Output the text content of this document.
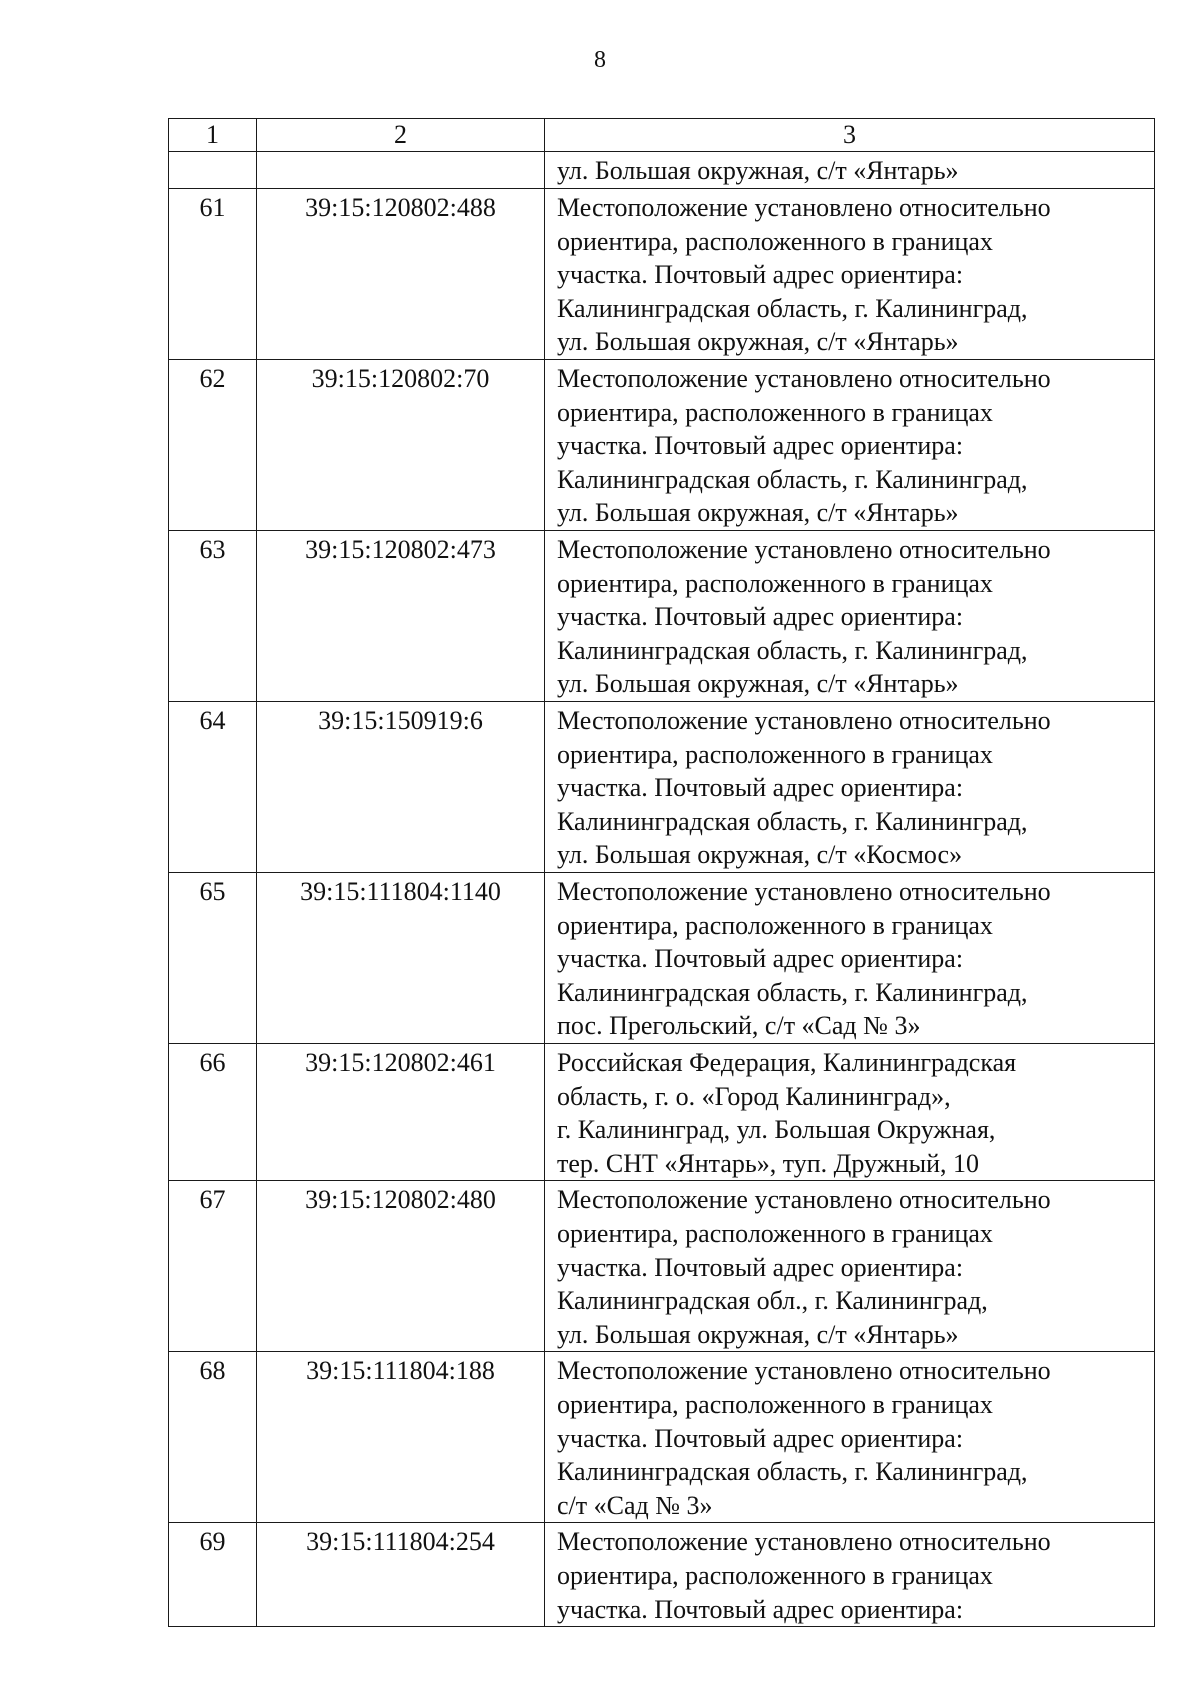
8
1	2	3
		ул. Большая окружная, с/т «Янтарь»
61	39:15:120802:488	Местоположение установлено относительно
ориентира, расположенного в границах
участка. Почтовый адрес ориентира:
Калининградская область, г. Калининград,
ул. Большая окружная, с/т «Янтарь»
62	39:15:120802:70	Местоположение установлено относительно
ориентира, расположенного в границах
участка. Почтовый адрес ориентира:
Калининградская область, г. Калининград,
ул. Большая окружная, с/т «Янтарь»
63	39:15:120802:473	Местоположение установлено относительно
ориентира, расположенного в границах
участка. Почтовый адрес ориентира:
Калининградская область, г. Калининград,
ул. Большая окружная, с/т «Янтарь»
64	39:15:150919:6	Местоположение установлено относительно
ориентира, расположенного в границах
участка. Почтовый адрес ориентира:
Калининградская область, г. Калининград,
ул. Большая окружная, с/т «Космос»
65	39:15:111804:1140	Местоположение установлено относительно
ориентира, расположенного в границах
участка. Почтовый адрес ориентира:
Калининградская область, г. Калининград,
пос. Прегольский, с/т «Сад № 3»
66	39:15:120802:461	Российская Федерация, Калининградская
область, г. о. «Город Калининград»,
г. Калининград, ул. Большая Окружная,
тер. СНТ «Янтарь», туп. Дружный, 10
67	39:15:120802:480	Местоположение установлено относительно
ориентира, расположенного в границах
участка. Почтовый адрес ориентира:
Калининградская обл., г. Калининград,
ул. Большая окружная, с/т «Янтарь»
68	39:15:111804:188	Местоположение установлено относительно
ориентира, расположенного в границах
участка. Почтовый адрес ориентира:
Калининградская область, г. Калининград,
с/т «Сад № 3»
69	39:15:111804:254	Местоположение установлено относительно
ориентира, расположенного в границах
участка. Почтовый адрес ориентира:
